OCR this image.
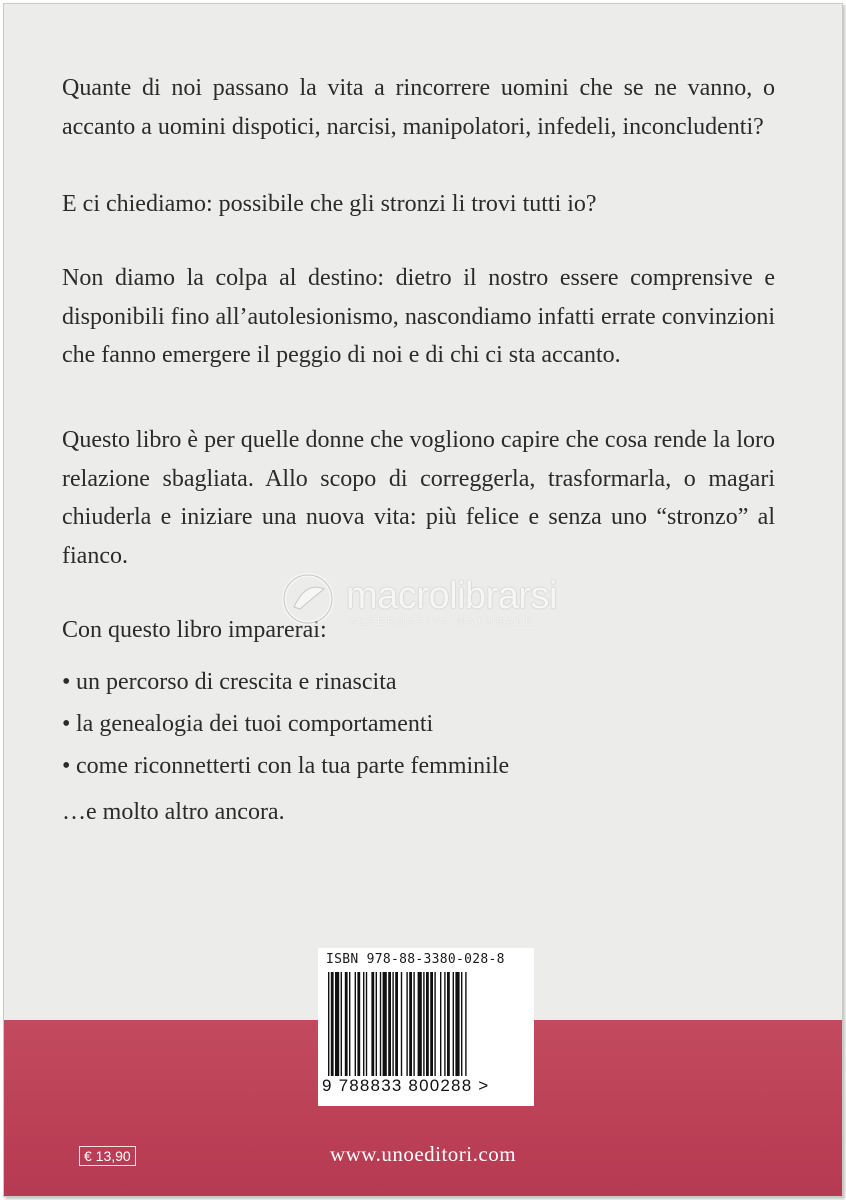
Quante di noi passano la vita a rincorrere uomini che se ne vanno, o accanto a uomini dispotici, narcisi, manipolatori, infedeli, inconcludenti?

E ci chiediamo: possibile che gli stronzi li trovi tutti io?

Non diamo la colpa al destino: dietro il nostro essere comprensive e disponibili fino all’autolesionismo, nascondiamo infatti errate convinzioni che fanno emergere il peggio di noi e di chi ci sta accanto.

Questo libro è per quelle donne che vogliono capire che cosa rende la loro relazione sbagliata. Allo scopo di correggerla, trasformarla, o magari chiuderla e iniziare una nuova vita: più felice e senza uno “stronzo” al fianco.

Con questo libro imparerai:

• un percorso di crescita e rinascita
• la genealogia dei tuoi comportamenti
• come riconnetterti con la tua parte femminile

…e molto altro ancora.

macrolibrarsi
ALTERNATIVA NATURALE
ISBN 978-88-3380-028-8
9 788833 800288 >
€ 13,90	www.unoeditori.com
